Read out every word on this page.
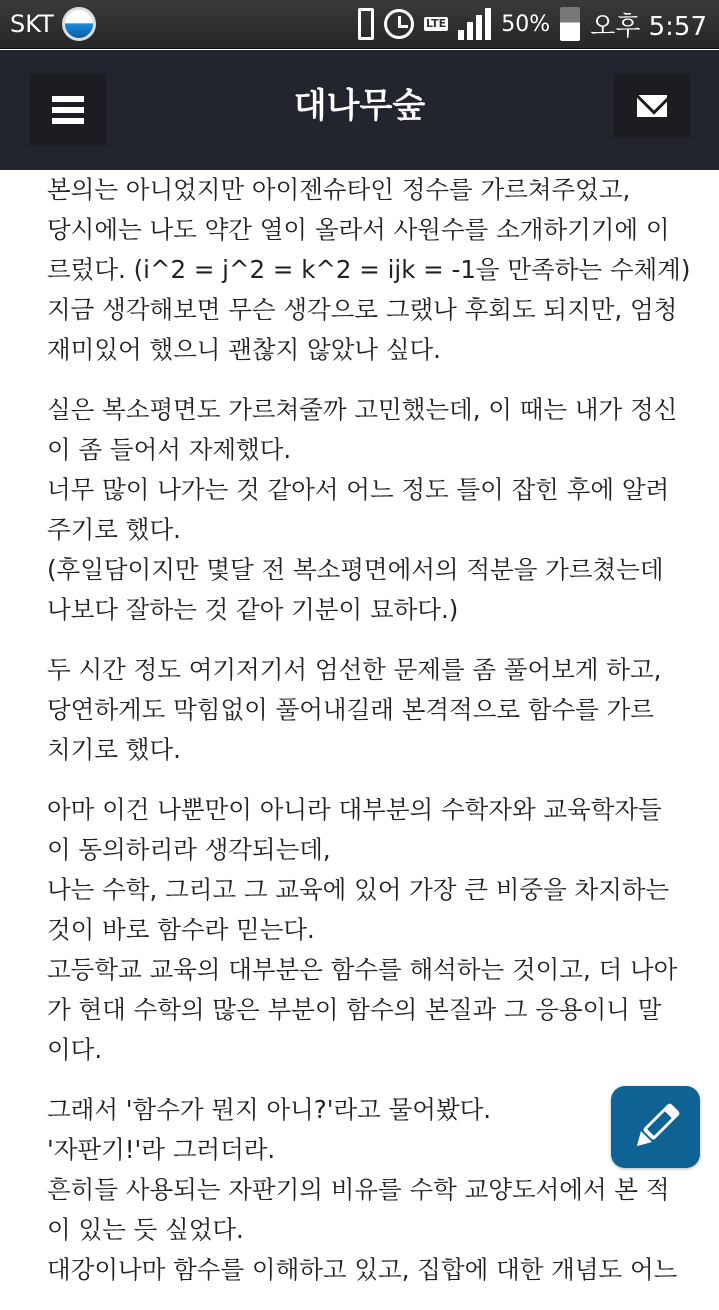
SKT	LTE	50% 오후 5:57
대나무숲
본의는 아니었지만 아이젠슈타인 정수를 가르쳐주었고,
당시에는 나도 약간 열이 올라서 사원수를 소개하기기에 이
르렀다. (i^2 = j^2 = k^2 = ijk = -1을 만족하는 수체계)
지금 생각해보면 무슨 생각으로 그랬나 후회도 되지만, 엄청
재미있어 했으니 괜찮지 않았나 싶다.
실은 복소평면도 가르쳐줄까 고민했는데, 이 때는 내가 정신
이 좀 들어서 자제했다.
너무 많이 나가는 것 같아서 어느 정도 틀이 잡힌 후에 알려
주기로 했다.
(후일담이지만 몇달 전 복소평면에서의 적분을 가르쳤는데
나보다 잘하는 것 같아 기분이 묘하다.)
두 시간 정도 여기저기서 엄선한 문제를 좀 풀어보게 하고,
당연하게도 막힘없이 풀어내길래 본격적으로 함수를 가르
치기로 했다.
아마 이건 나뿐만이 아니라 대부분의 수학자와 교육학자들
이 동의하리라 생각되는데,
나는 수학, 그리고 그 교육에 있어 가장 큰 비중을 차지하는
것이 바로 함수라 믿는다.
고등학교 교육의 대부분은 함수를 해석하는 것이고, 더 나아
가 현대 수학의 많은 부분이 함수의 본질과 그 응용이니 말
이다.
그래서 '함수가 뭔지 아니?'라고 물어봤다.
'자판기!'라 그러더라.
흔히들 사용되는 자판기의 비유를 수학 교양도서에서 본 적
이 있는 듯 싶었다.
대강이나마 함수를 이해하고 있고, 집합에 대한 개념도 어느
